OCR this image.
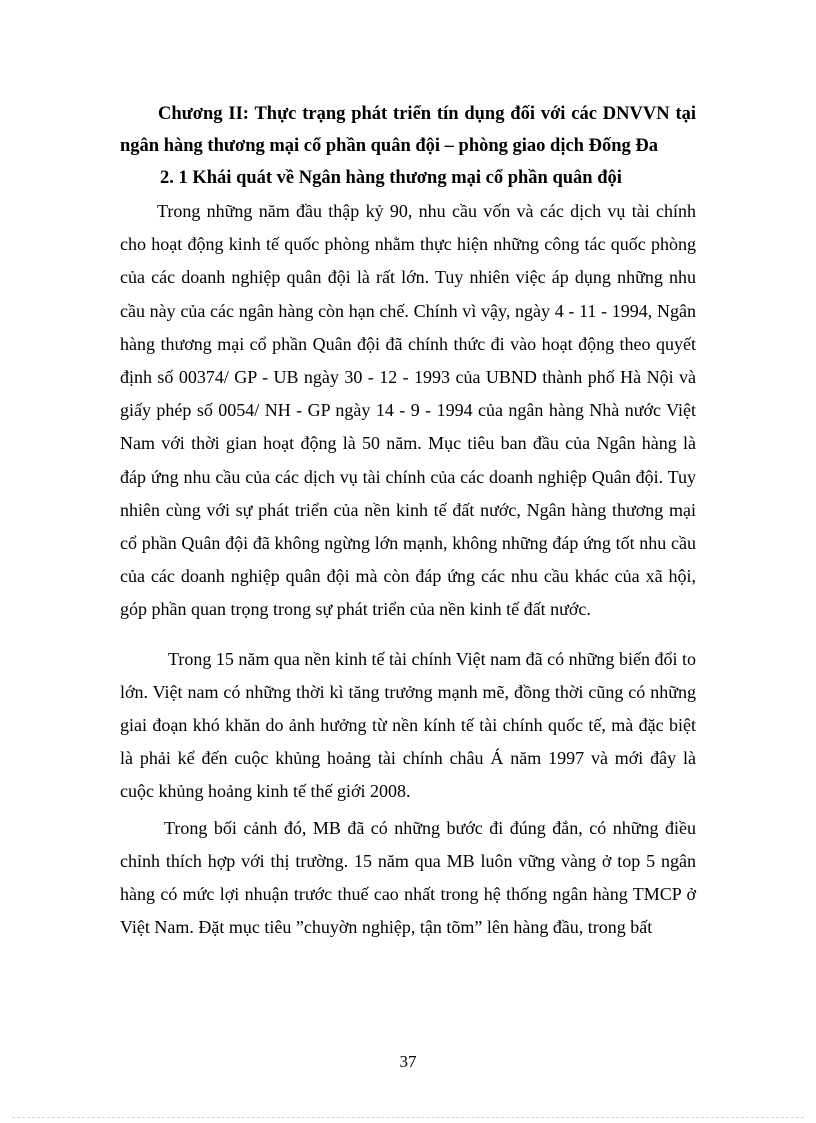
Chương II: Thực trạng phát triển tín dụng đối với các DNVVN tại ngân hàng thương mại cổ phần quân đội – phòng giao dịch Đống Đa

2. 1 Khái quát về Ngân hàng thương mại cổ phần quân đội

Trong những năm đầu thập kỷ 90, nhu cầu vốn và các dịch vụ tài chính cho hoạt động kinh tế quốc phòng nhằm thực hiện những công tác quốc phòng của các doanh nghiệp quân đội là rất lớn. Tuy nhiên việc áp dụng những nhu cầu này của các ngân hàng còn hạn chế. Chính vì vậy, ngày 4 - 11 - 1994, Ngân hàng thương mại cổ phần Quân đội đã chính thức đi vào hoạt động theo quyết định số 00374/ GP - UB ngày 30 - 12 - 1993 của UBND thành phố Hà Nội và giấy phép số 0054/ NH - GP ngày 14 - 9 - 1994 của ngân hàng Nhà nước Việt Nam với thời gian hoạt động là 50 năm. Mục tiêu ban đầu của Ngân hàng là đáp ứng nhu cầu của các dịch vụ tài chính của các doanh nghiệp Quân đội. Tuy nhiên cùng với sự phát triển của nền kinh tế đất nước, Ngân hàng thương mại cổ phần Quân đội đã không ngừng lớn mạnh, không những đáp ứng tốt nhu cầu của các doanh nghiệp quân đội mà còn đáp ứng các nhu cầu khác của xã hội, góp phần quan trọng trong sự phát triển của nền kinh tế đất nước.

Trong 15 năm qua nền kinh tế tài chính Việt nam đã có những biến đổi to lớn. Việt nam có những thời kì tăng trưởng mạnh mẽ, đồng thời cũng có những giai đoạn khó khăn do ảnh hưởng từ nền kính tế tài chính quốc tế, mà đặc biệt là phải kể đến cuộc khủng hoảng tài chính châu Á năm 1997 và mới đây là cuộc khủng hoảng kinh tế thế giới 2008.

Trong bối cảnh đó, MB đã có những bước đi đúng đắn, có những điều chỉnh thích hợp với thị trường. 15 năm qua MB luôn vững vàng ở top 5 ngân hàng có mức lợi nhuận trước thuế cao nhất trong hệ thống ngân hàng TMCP ở Việt Nam. Đặt mục tiêu ”chuyờn nghiệp, tận tõm” lên hàng đầu, trong bất

37
